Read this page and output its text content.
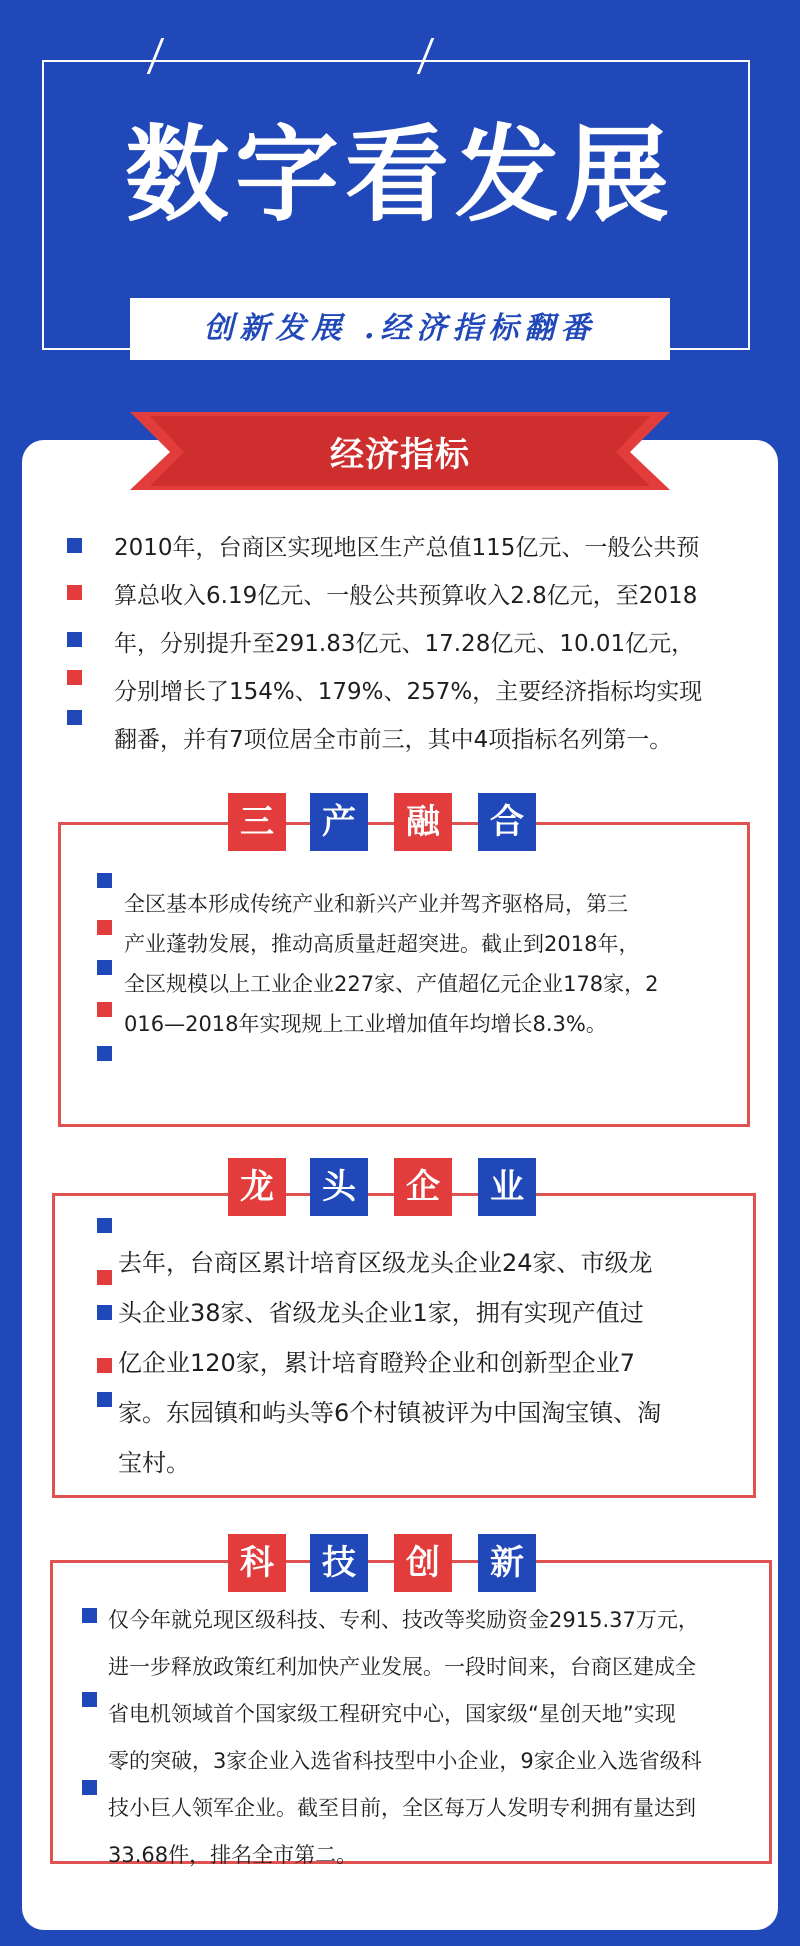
数字看发展
创新发展 .经济指标翻番
经济指标
2010年，台商区实现地区生产总值115亿元、一般公共预
算总收入6.19亿元、一般公共预算收入2.8亿元，至2018
年，分别提升至291.83亿元、17.28亿元、10.01亿元，
分别增长了154%、179%、257%，主要经济指标均实现
翻番，并有7项位居全市前三，其中4项指标名列第一。
三	产	融	合
全区基本形成传统产业和新兴产业并驾齐驱格局，第三
产业蓬勃发展，推动高质量赶超突进。截止到2018年，
全区规模以上工业企业227家、产值超亿元企业178家，2
016—2018年实现规上工业增加值年均增长8.3%。
龙	头	企	业
去年，台商区累计培育区级龙头企业24家、市级龙
头企业38家、省级龙头企业1家，拥有实现产值过
亿企业120家，累计培育瞪羚企业和创新型企业7
家。东园镇和屿头等6个村镇被评为中国淘宝镇、淘
宝村。
科	技	创	新
仅今年就兑现区级科技、专利、技改等奖励资金2915.37万元，
进一步释放政策红利加快产业发展。一段时间来，台商区建成全
省电机领域首个国家级工程研究中心，国家级“星创天地”实现
零的突破，3家企业入选省科技型中小企业，9家企业入选省级科
技小巨人领军企业。截至目前，全区每万人发明专利拥有量达到
33.68件，排名全市第二。
